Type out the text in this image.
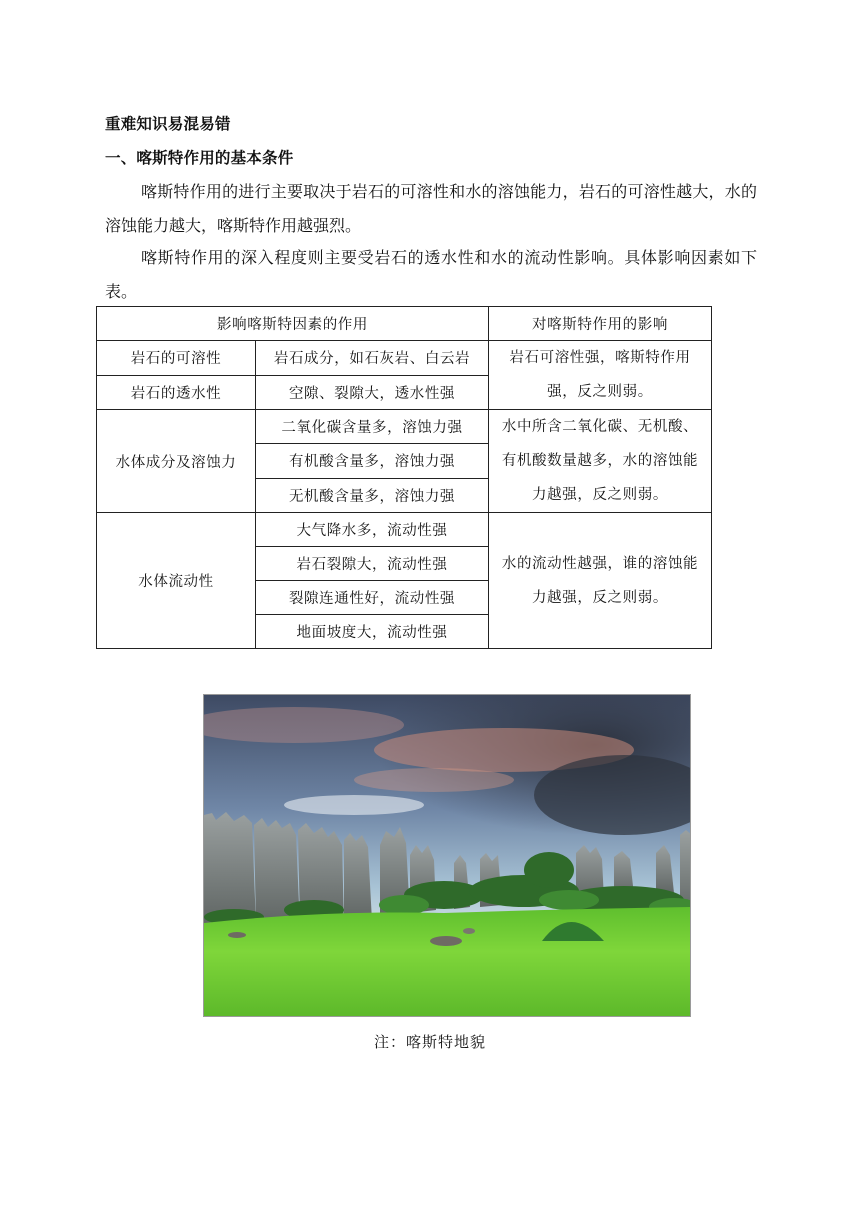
重难知识易混易错
一、喀斯特作用的基本条件
喀斯特作用的进行主要取决于岩石的可溶性和水的溶蚀能力，岩石的可溶性越大，水的溶蚀能力越大，喀斯特作用越强烈。
喀斯特作用的深入程度则主要受岩石的透水性和水的流动性影响。具体影响因素如下表。
影响喀斯特因素的作用		对喀斯特作用的影响
岩石的可溶性	岩石成分，如石灰岩、白云岩	岩石可溶性强，喀斯特作用强，反之则弱。
岩石的透水性	空隙、裂隙大，透水性强	
水体成分及溶蚀力	二氧化碳含量多，溶蚀力强	水中所含二氧化碳、无机酸、有机酸数量越多，水的溶蚀能力越强，反之则弱。
	有机酸含量多，溶蚀力强	
	无机酸含量多，溶蚀力强	
水体流动性	大气降水多，流动性强	水的流动性越强，谁的溶蚀能力越强，反之则弱。
	岩石裂隙大，流动性强	
	裂隙连通性好，流动性强	
	地面坡度大，流动性强	
注：喀斯特地貌
